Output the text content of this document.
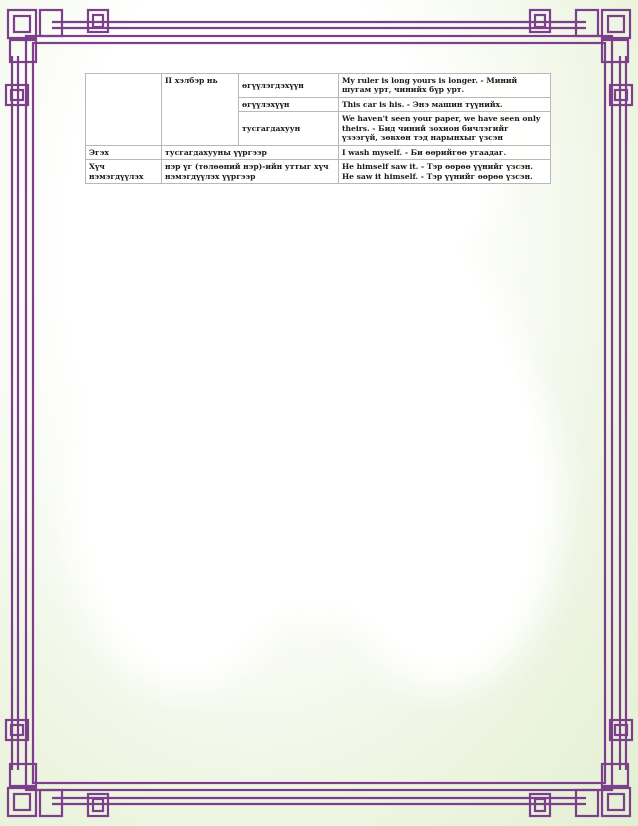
	II хэлбэр нь	өгүүлэгдэхүүн	My ruler is long yours is longer. - Миний шугам урт, чинийх бүр урт.
		өгүүлэхүүн	This car is his. - Энэ машин түүнийх.
		тусгагдахуун	We haven't seen your paper, we have seen only theirs. - Бид чиний зохион бичлэгийг үзээгүй, зөвхөн тэд нарынхыг үзсэн
Эгэх	тусгагдахууны үүргээр		I wash myself. - Би өөрийгөө угаадаг.
Хүч нэмэгдүүлэх	нэр үг (төлөөний нэр)-ийн уттыг хүч нэмэгдүүлэх үүргээр		He himself saw it. - Тэр өөрөө үүнийг үзсэн. He saw it himself. - Тэр үүнийг өөрөө үзсэн.
